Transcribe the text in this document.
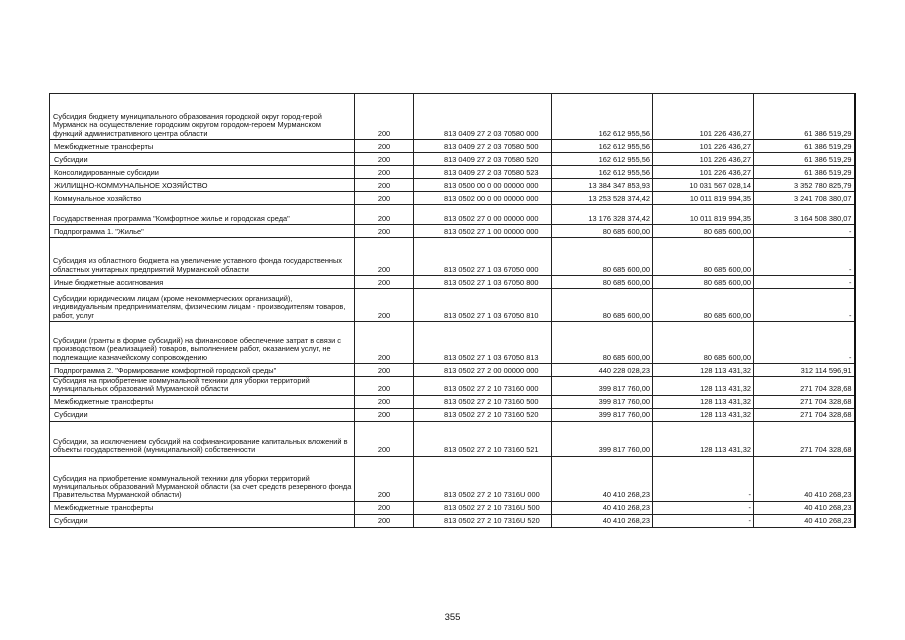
Субсидия бюджету муниципального образования городской округ город-герой Мурманск на осуществление городским округом городом-героем Мурманском функций административного центра области	200	813 0409 27 2 03 70580 000	162 612 955,56	101 226 436,27	61 386 519,29
Межбюджетные трансферты	200	813 0409 27 2 03 70580 500	162 612 955,56	101 226 436,27	61 386 519,29
Субсидии	200	813 0409 27 2 03 70580 520	162 612 955,56	101 226 436,27	61 386 519,29
Консолидированные субсидии	200	813 0409 27 2 03 70580 523	162 612 955,56	101 226 436,27	61 386 519,29
ЖИЛИЩНО-КОММУНАЛЬНОЕ ХОЗЯЙСТВО	200	813 0500 00 0 00 00000 000	13 384 347 853,93	10 031 567 028,14	3 352 780 825,79
Коммунальное хозяйство	200	813 0502 00 0 00 00000 000	13 253 528 374,42	10 011 819 994,35	3 241 708 380,07
Государственная программа "Комфортное жилье и городская среда"	200	813 0502 27 0 00 00000 000	13 176 328 374,42	10 011 819 994,35	3 164 508 380,07
Подпрограмма 1. "Жилье"	200	813 0502 27 1 00 00000 000	80 685 600,00	80 685 600,00	-
Субсидия из областного бюджета на увеличение уставного фонда государственных областных унитарных предприятий Мурманской области	200	813 0502 27 1 03 67050 000	80 685 600,00	80 685 600,00	-
Иные бюджетные ассигнования	200	813 0502 27 1 03 67050 800	80 685 600,00	80 685 600,00	-
Субсидии юридическим лицам (кроме некоммерческих организаций), индивидуальным предпринимателям, физическим лицам - производителям товаров, работ, услуг	200	813 0502 27 1 03 67050 810	80 685 600,00	80 685 600,00	-
Субсидии (гранты в форме субсидий) на финансовое обеспечение затрат в связи с производством (реализацией) товаров, выполнением работ, оказанием услуг, не подлежащие казначейскому сопровождению	200	813 0502 27 1 03 67050 813	80 685 600,00	80 685 600,00	-
Подпрограмма 2. "Формирование комфортной городской среды"	200	813 0502 27 2 00 00000 000	440 228 028,23	128 113 431,32	312 114 596,91
Субсидия на приобретение коммунальной техники для уборки территорий муниципальных образований Мурманской области	200	813 0502 27 2 10 73160 000	399 817 760,00	128 113 431,32	271 704 328,68
Межбюджетные трансферты	200	813 0502 27 2 10 73160 500	399 817 760,00	128 113 431,32	271 704 328,68
Субсидии	200	813 0502 27 2 10 73160 520	399 817 760,00	128 113 431,32	271 704 328,68
Субсидии, за исключением субсидий на софинансирование капитальных вложений в объекты государственной (муниципальной) собственности	200	813 0502 27 2 10 73160 521	399 817 760,00	128 113 431,32	271 704 328,68
Субсидия на приобретение коммунальной техники для уборки территорий муниципальных образований Мурманской области (за счет средств резервного фонда Правительства Мурманской области)	200	813 0502 27 2 10 7316U 000	40 410 268,23	-	40 410 268,23
Межбюджетные трансферты	200	813 0502 27 2 10 7316U 500	40 410 268,23	-	40 410 268,23
Субсидии	200	813 0502 27 2 10 7316U 520	40 410 268,23	-	40 410 268,23
355
